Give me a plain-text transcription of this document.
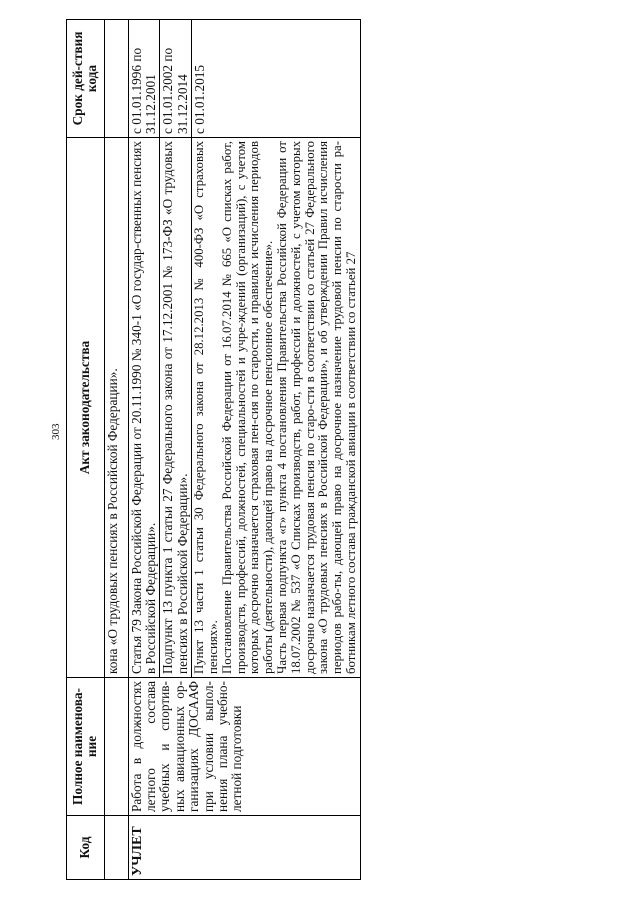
303
Код	Полное наименова-ние	Акт законодательства	Срок дей-ствия кода
		кона «О трудовых пенсиях в Российской Федерации».	
УЧЛЕТ	Работа в должностях летного состава учебных и спортив-ных авиационных ор-ганизациях ДОСААФ при условии выпол-нения плана учебно-летной подготовки	Статья 79 Закона Российской Федерации от 20.11.1990 № 340-1 «О государ-ственных пенсиях в Российской Федерации».	с 01.01.1996 по 31.12.2001
		Подпункт 13 пункта 1 статьи 27 Федерального закона от 17.12.2001 № 173-ФЗ «О трудовых пенсиях в Российской Федерации».	с 01.01.2002 по 31.12.2014

		Пункт 13 части 1 статьи 30 Федерального закона от 28.12.2013 № 400-ФЗ «О страховых пенсиях». Постановление Правительства Российской Федерации от 16.07.2014 № 665 «О списках работ, производств, профессий, должностей, специальностей и учре-ждений (организаций), с учетом которых досрочно назначается страховая пен-сия по старости, и правилах исчисления периодов работы (деятельности), дающей право на досрочное пенсионное обеспечение». Часть первая подпункта «г» пункта 4 постановления Правительства Российской Федерации от 18.07.2002 № 537 «О Списках производств, работ, профессий и должностей, с учетом которых досрочно назначается трудовая пенсия по старо-сти в соответствии со статьей 27 Федерального закона «О трудовых пенсиях в Российской Федерации», и об утверждении Правил исчисления периодов рабо-ты, дающей право на досрочное назначение трудовой пенсии по старости ра-ботникам летного состава гражданской авиации в соответствии со статьей 27	с 01.01.2015
